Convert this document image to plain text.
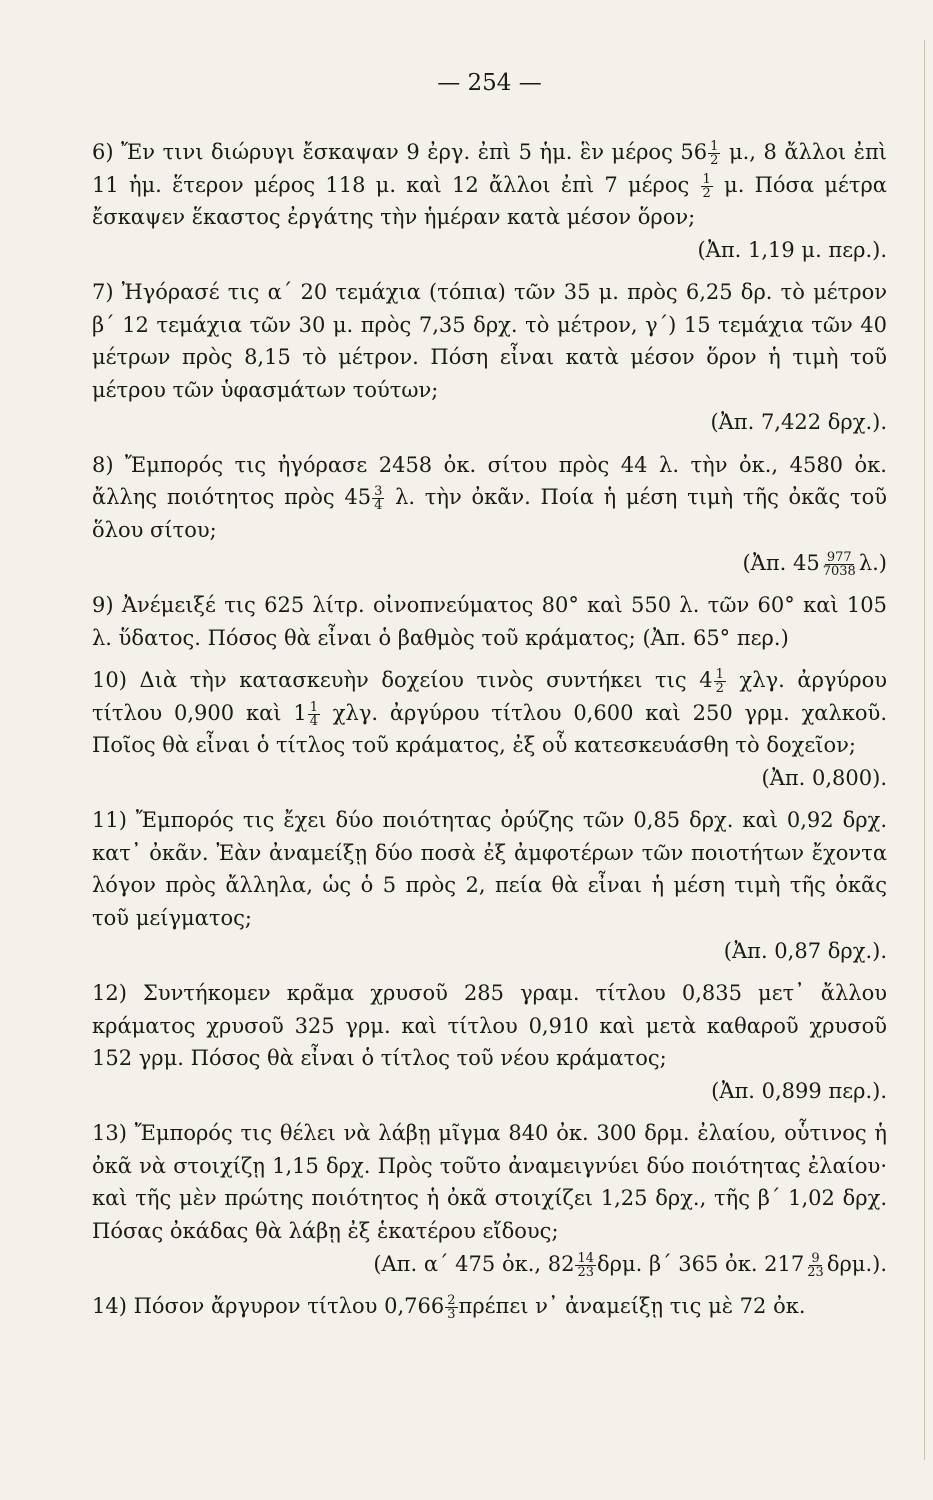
— 254 —

6) Ἔν τινι διώρυγι ἔσκαψαν 9 ἐργ. ἐπὶ 5 ἡμ. ἓν μέρος $56 \frac{1}{2} \mu$., 8 ἄλλοι ἐπὶ 11 ἡμ. ἕτερον μέρος 118 μ. καὶ 12 ἄλλοι ἐπὶ 7 μέρος $\frac{1}{2} \mu$. Πόσα μέτρα ἔσκαψεν ἕκαστος ἐργάτης τὴν ἡμέραν κατὰ μέσον ὅρον;
(Ἀπ. 1,19 μ. περ.).

7) Ἠγόρασέ τις α΄ 20 τεμάχια (τόπια) τῶν 35 μ. πρὸς 6,25 δρ. τὸ μέτρον β΄ 12 τεμάχια τῶν 30 μ. πρὸς 7,35 δρχ. τὸ μέτρον, γ΄) 15 τεμάχια τῶν 40 μέτρων πρὸς 8,15 τὸ μέτρον. Πόση εἶναι κατὰ μέσον ὅρον ἡ τιμὴ τοῦ μέτρου τῶν ὑφασμάτων τούτων;
(Ἀπ. 7,422 δρχ.).

8) Ἔμπορός τις ἠγόρασε 2458 ὀκ. σίτου πρὸς 44 λ. τὴν ὀκ., 4580 ὀκ. ἄλλης ποιότητος πρὸς $45 \frac{3}{4} \lambda$. τὴν ὀκᾶν. Ποία ἡ μέση τιμὴ τῆς ὀκᾶς τοῦ ὅλου σίτου;
(Ἀπ. $45 \frac{977}{7038} \lambda$.)

9) Ἀνέμειξέ τις 625 λίτρ. οἰνοπνεύματος 80° καὶ 550 λ. τῶν 60° καὶ 105 λ. ὕδατος. Πόσος θὰ εἶναι ὁ βαθμὸς τοῦ κράματος; (Ἀπ. 65° περ.)

10) Διὰ τὴν κατασκευὴν δοχείου τινὸς συντήκει τις $4 \frac{1}{2} \chi\lambda\gamma$. ἀργύρου τίτλου 0,900 καὶ $1 \frac{1}{4} \chi\lambda\gamma$. ἀργύρου τίτλου 0,600 καὶ 250 γρμ. χαλκοῦ. Ποῖος θὰ εἶναι ὁ τίτλος τοῦ κράματος, ἐξ οὗ κατεσκευάσθη τὸ δοχεῖον;
(Ἀπ. 0,800).

11) Ἔμπορός τις ἔχει δύο ποιότητας ὀρύζης τῶν 0,85 δρχ. καὶ 0,92 δρχ. κατ᾽ ὀκᾶν. Ἐὰν ἀναμείξῃ δύο ποσὰ ἐξ ἀμφοτέρων τῶν ποιοτήτων ἔχοντα λόγον πρὸς ἄλληλα, ὡς ὁ 5 πρὸς 2, πεία θὰ εἶναι ἡ μέση τιμὴ τῆς ὀκᾶς τοῦ μείγματος;
(Ἀπ. 0,87 δρχ.).

12) Συντήκομεν κρᾶμα χρυσοῦ 285 γραμ. τίτλου 0,835 μετ᾽ ἄλλου κράματος χρυσοῦ 325 γρμ. καὶ τίτλου 0,910 καὶ μετὰ καθαροῦ χρυσοῦ 152 γρμ. Πόσος θὰ εἶναι ὁ τίτλος τοῦ νέου κράματος;
(Ἀπ. 0,899 περ.).

13) Ἔμπορός τις θέλει νὰ λάβῃ μῖγμα 840 ὀκ. 300 δρμ. ἐλαίου, οὗτινος ἡ ὀκᾶ νὰ στοιχίζῃ 1,15 δρχ. Πρὸς τοῦτο ἀναμειγνύει δύο ποιότητας ἐλαίου· καὶ τῆς μὲν πρώτης ποιότητος ἡ ὀκᾶ στοιχίζει 1,25 δρχ., τῆς β΄ 1,02 δρχ. Πόσας ὀκάδας θὰ λάβῃ ἐξ ἑκατέρου εἴδους;
(Απ. α΄ 475 ὀκ., $82 \frac{14}{23} \delta\rho\mu$. β΄ 365 ὀκ. $217 \frac{9}{23} \delta\rho\mu$.).

14) Πόσον ἄργυρον τίτλου $0,766 \frac{2}{3}$ πρέπει ν᾽ ἀναμείξῃ τις μὲ 72 ὀκ.
